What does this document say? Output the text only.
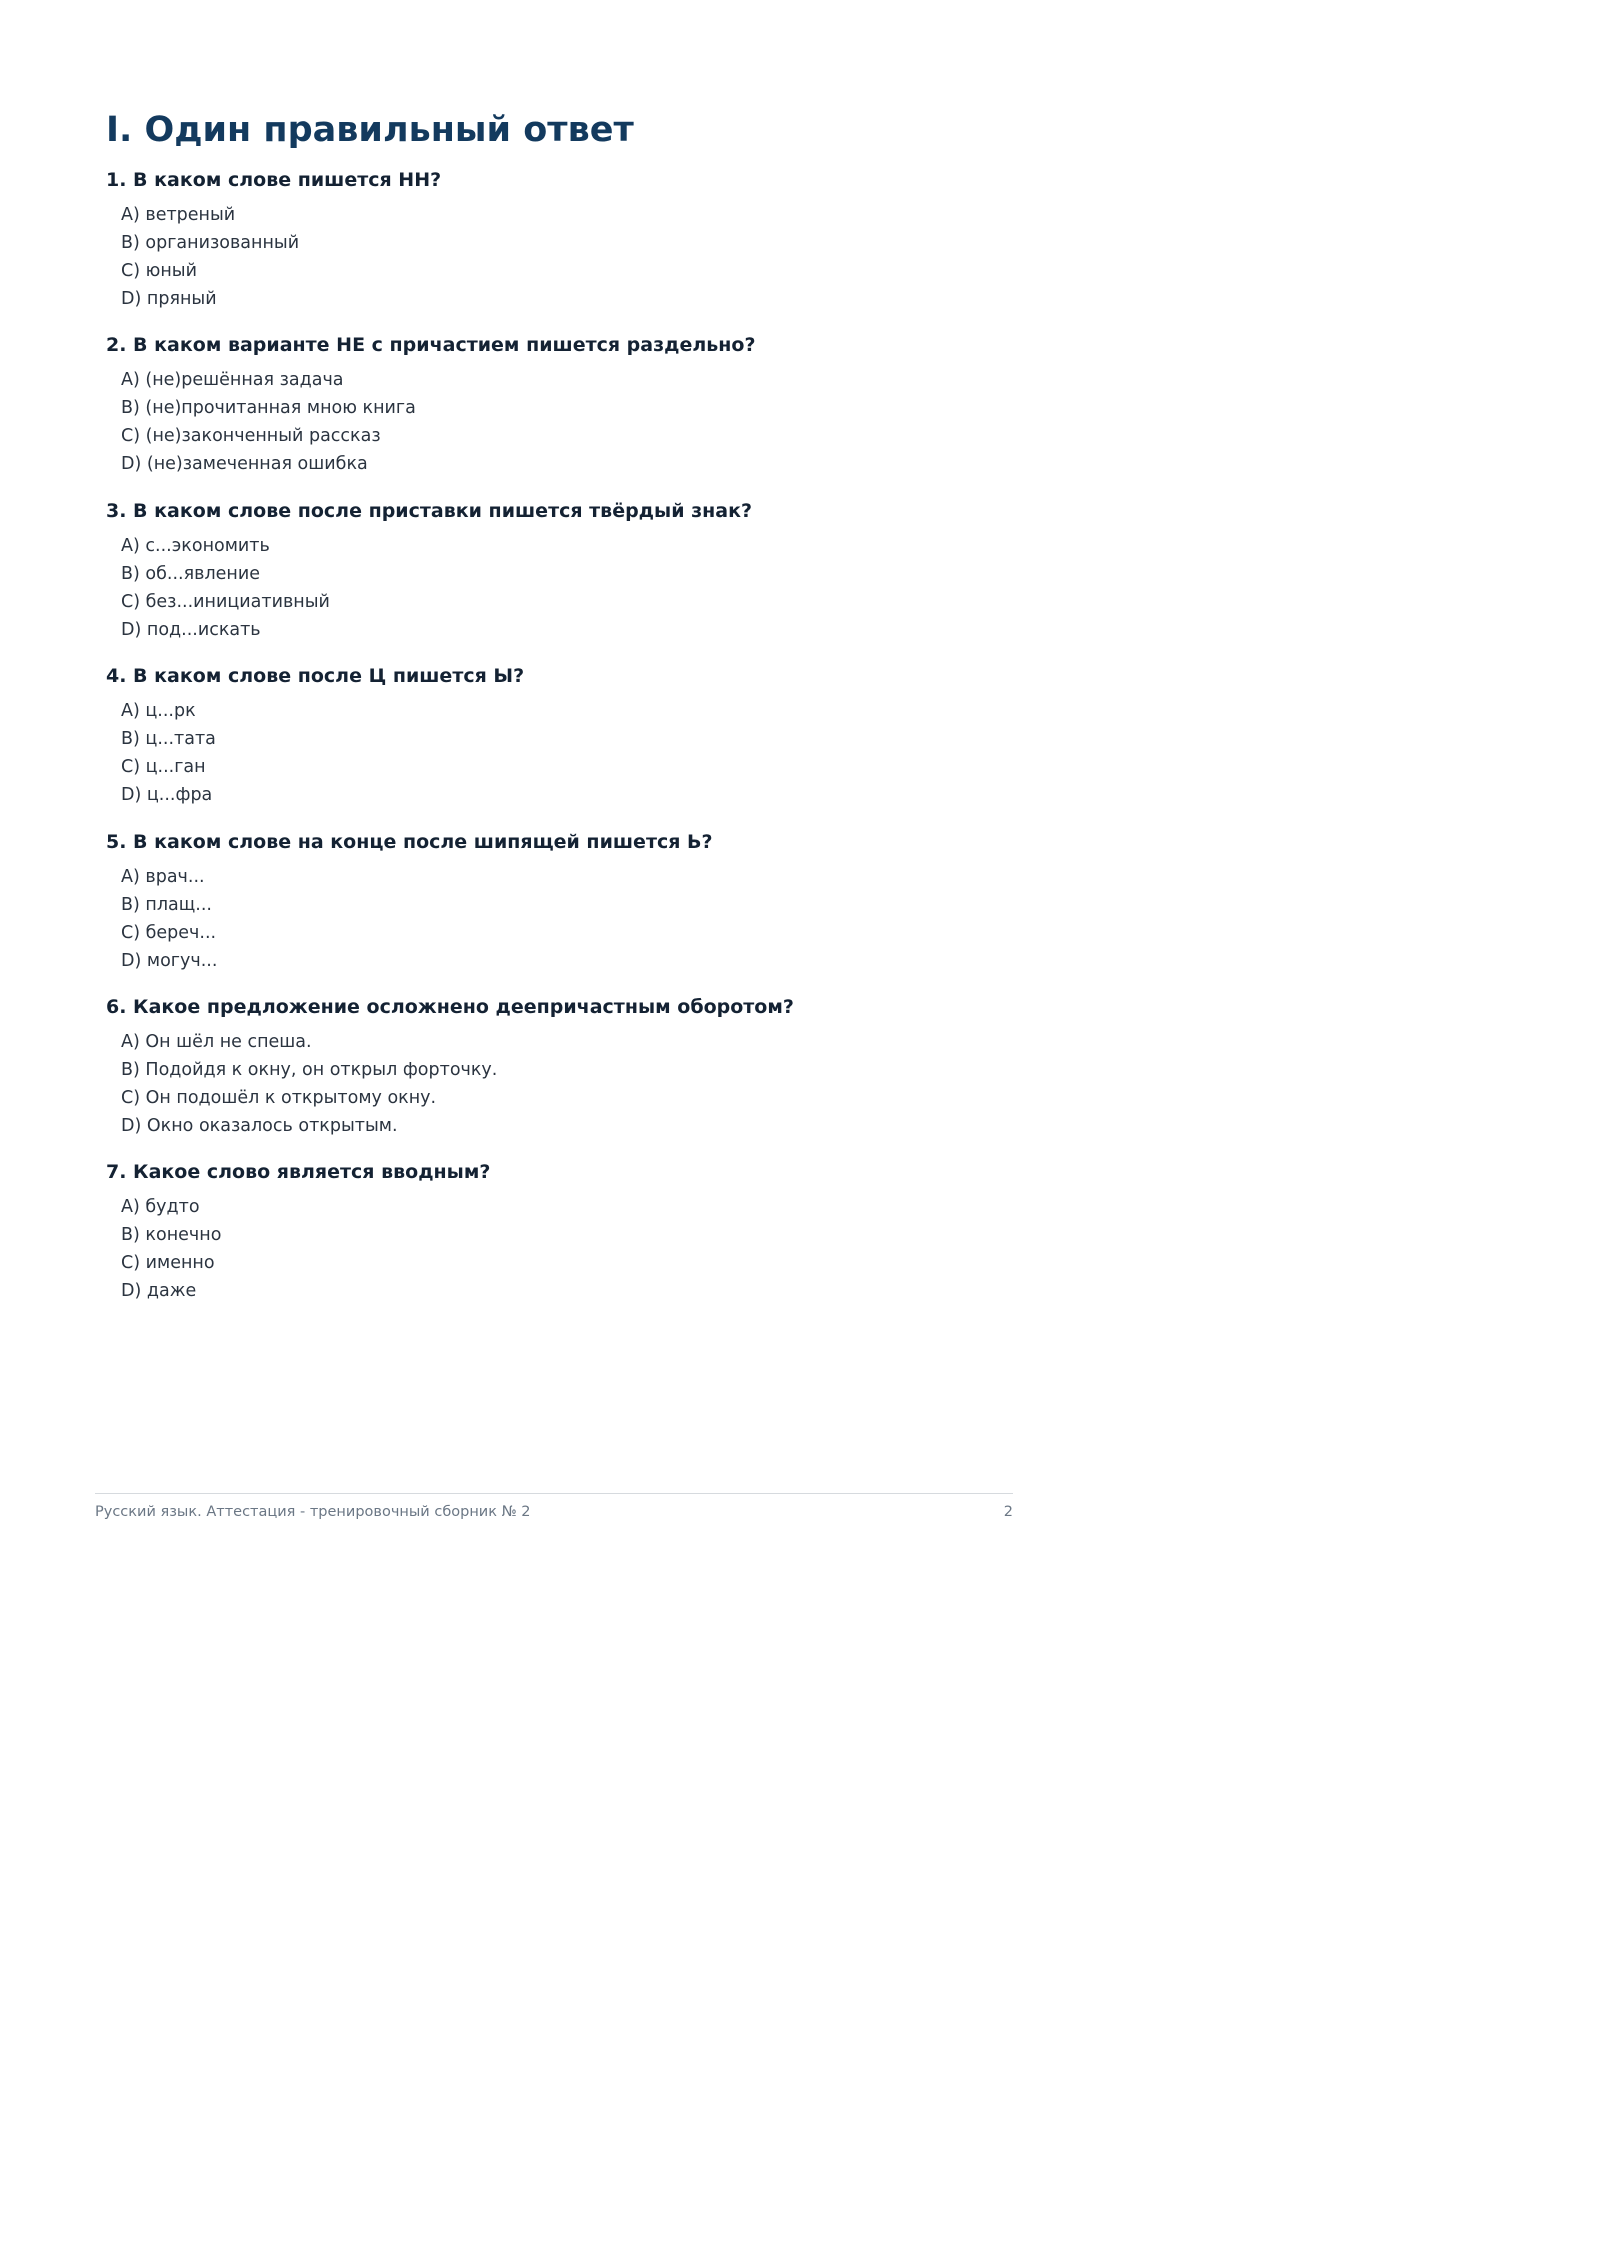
I. Один правильный ответ

1. В каком слове пишется НН?

A)
ветреный
B)
организованный
C)
юный
D)
пряный

2. В каком варианте НЕ с причастием пишется раздельно?

A)
(не)решённая задача
B)
(не)прочитанная мною книга
C)
(не)законченный рассказ
D)
(не)замеченная ошибка

3. В каком слове после приставки пишется твёрдый знак?

A)
с...экономить
B)
об...явление
C)
без...инициативный
D)
под...искать

4. В каком слове после Ц пишется Ы?

A)
ц...рк
B)
ц...тата
C)
ц...ган
D)
ц...фра

5. В каком слове на конце после шипящей пишется Ь?

A)
врач...
B)
плащ...
C)
береч...
D)
могуч...

6. Какое предложение осложнено деепричастным оборотом?

A)
Он шёл не спеша.
B)
Подойдя к окну, он открыл форточку.
C)
Он подошёл к открытому окну.
D)
Окно оказалось открытым.

7. Какое слово является вводным?

A)
будто
B)
конечно
C)
именно
D)
даже
Русский язык. Аттестация - тренировочный сборник № 2	2
